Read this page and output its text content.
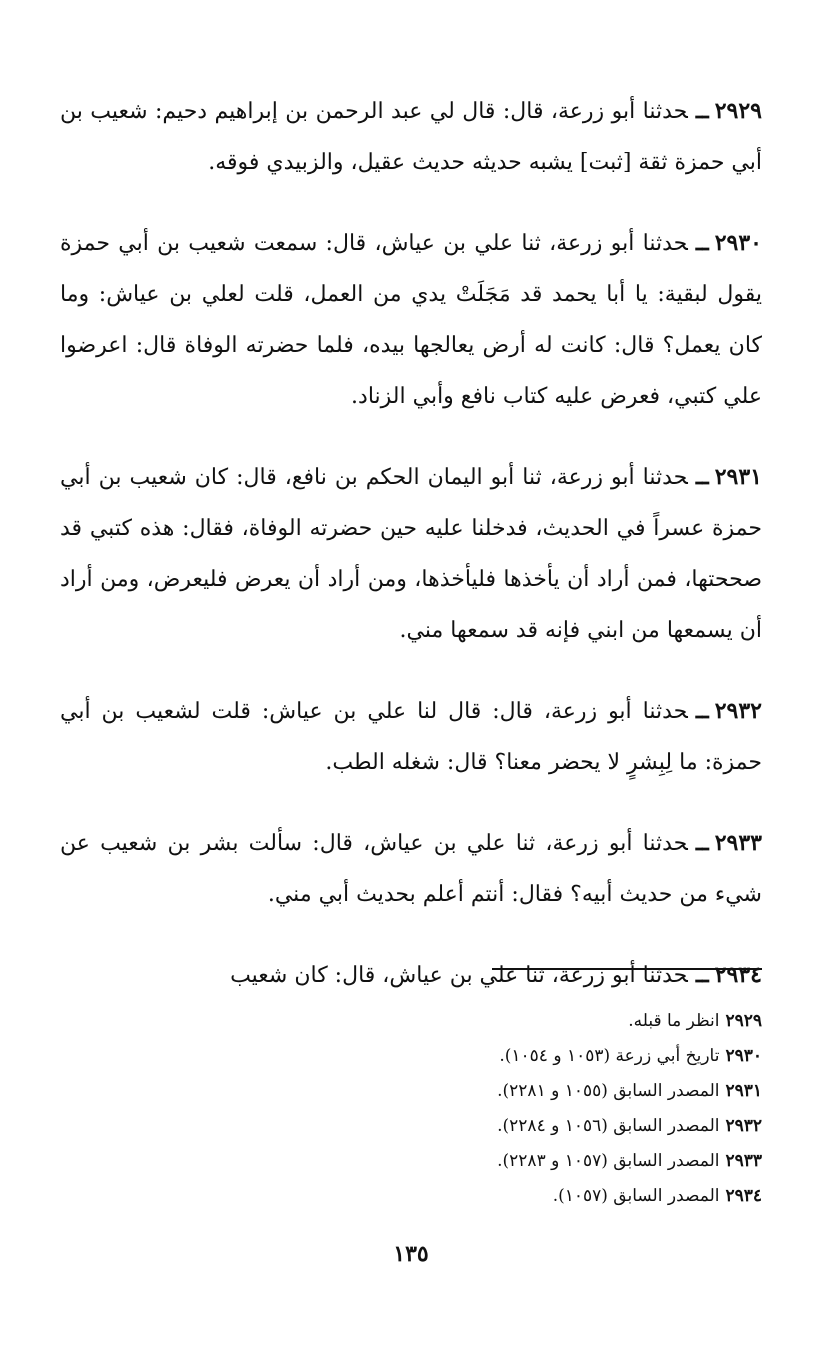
٢٩٢٩ــحدثنا أبو زرعة، قال: قال لي عبد الرحمن بن إبراهيم دحيم: شعيب بن أبي حمزة ثقة [ثبت] يشبه حديثه حديث عقيل، والزبيدي فوقه.
٢٩٣٠ــحدثنا أبو زرعة، ثنا علي بن عياش، قال: سمعت شعيب بن أبي حمزة يقول لبقية: يا أبا يحمد قد مَجَلَتْ يدي من العمل، قلت لعلي بن عياش: وما كان يعمل؟ قال: كانت له أرض يعالجها بيده، فلما حضرته الوفاة قال: اعرضوا علي كتبي، فعرض عليه كتاب نافع وأبي الزناد.
٢٩٣١ــحدثنا أبو زرعة، ثنا أبو اليمان الحكم بن نافع، قال: كان شعيب بن أبي حمزة عسراً في الحديث، فدخلنا عليه حين حضرته الوفاة، فقال: هذه كتبي قد صححتها، فمن أراد أن يأخذها فليأخذها، ومن أراد أن يعرض فليعرض، ومن أراد أن يسمعها من ابني فإنه قد سمعها مني.
٢٩٣٢ــحدثنا أبو زرعة، قال: قال لنا علي بن عياش: قلت لشعيب بن أبي حمزة: ما لِبِشرٍ لا يحضر معنا؟ قال: شغله الطب.
٢٩٣٣ــحدثنا أبو زرعة، ثنا علي بن عياش، قال: سألت بشر بن شعيب عن شيء من حديث أبيه؟ فقال: أنتم أعلم بحديث أبي مني.
٢٩٣٤ــحدثنا أبو زرعة، ثنا علي بن عياش، قال: كان شعيب
٢٩٢٩انظر ما قبله.
٢٩٣٠تاريخ أبي زرعة (١٠٥٣ و ١٠٥٤).
٢٩٣١المصدر السابق (١٠٥٥ و ٢٢٨١).
٢٩٣٢المصدر السابق (١٠٥٦ و ٢٢٨٤).
٢٩٣٣المصدر السابق (١٠٥٧ و ٢٢٨٣).
٢٩٣٤المصدر السابق (١٠٥٧).
١٣٥
